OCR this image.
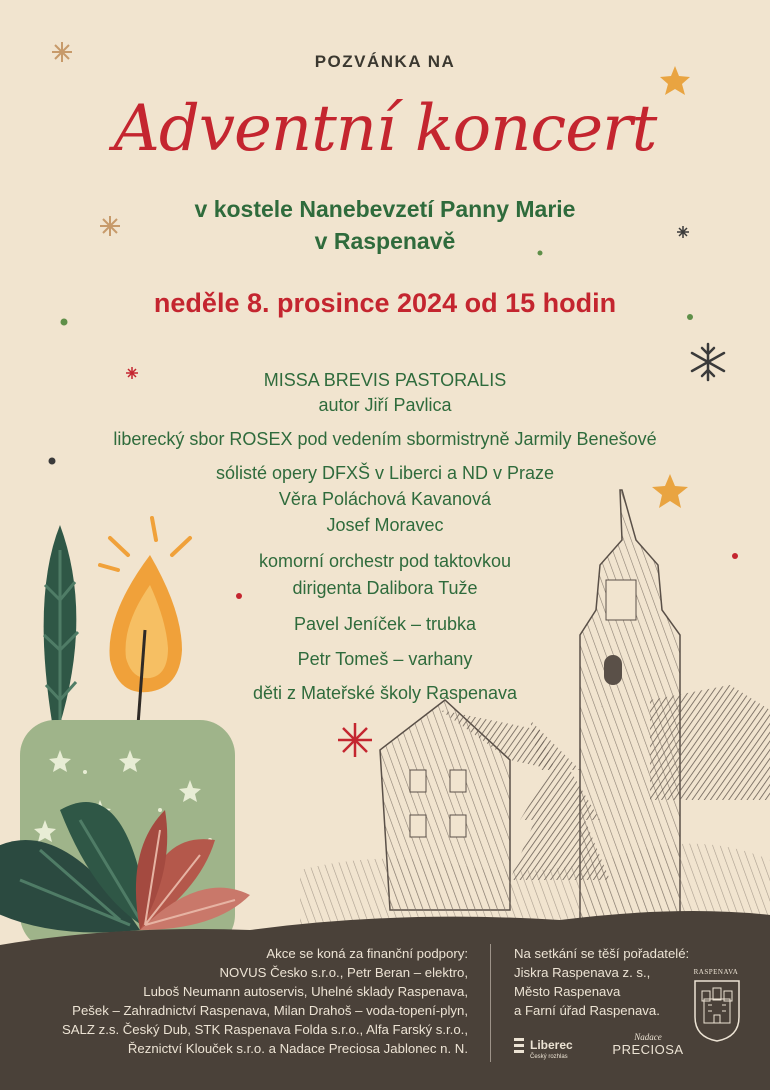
POZVÁNKA NA
Adventní koncert
v kostele Nanebevzetí Panny Marie
v Raspenavě
neděle 8. prosince 2024 od 15 hodin
MISSA BREVIS PASTORALIS
autor Jiří Pavlica
liberecký sbor ROSEX pod vedením sbormistryně Jarmily Benešové
sólisté opery DFXŠ v Liberci a ND v Praze
Věra Poláchová Kavanová
Josef Moravec
komorní orchestr pod taktovkou
dirigenta Dalibora Tuže
Pavel Jeníček – trubka
Petr Tomeš – varhany
děti z Mateřské školy Raspenava
Akce se koná za finanční podpory:
NOVUS Česko s.r.o., Petr Beran – elektro,
Luboš Neumann autoservis, Uhelné sklady Raspenava,
Pešek – Zahradnictví Raspenava, Milan Drahoš – voda-topení-plyn,
SALZ z.s. Český Dub, STK Raspenava Folda s.r.o., Alfa Farský s.r.o.,
Řeznictví Klouček s.r.o. a Nadace Preciosa Jablonec n. N.
Na setkání se těší pořadatelé:
Jiskra Raspenava z. s.,
Město Raspenava
a Farní úřad Raspenava.
RASPENAVA
Liberec
Český rozhlas
Nadace
PRECIOSA
